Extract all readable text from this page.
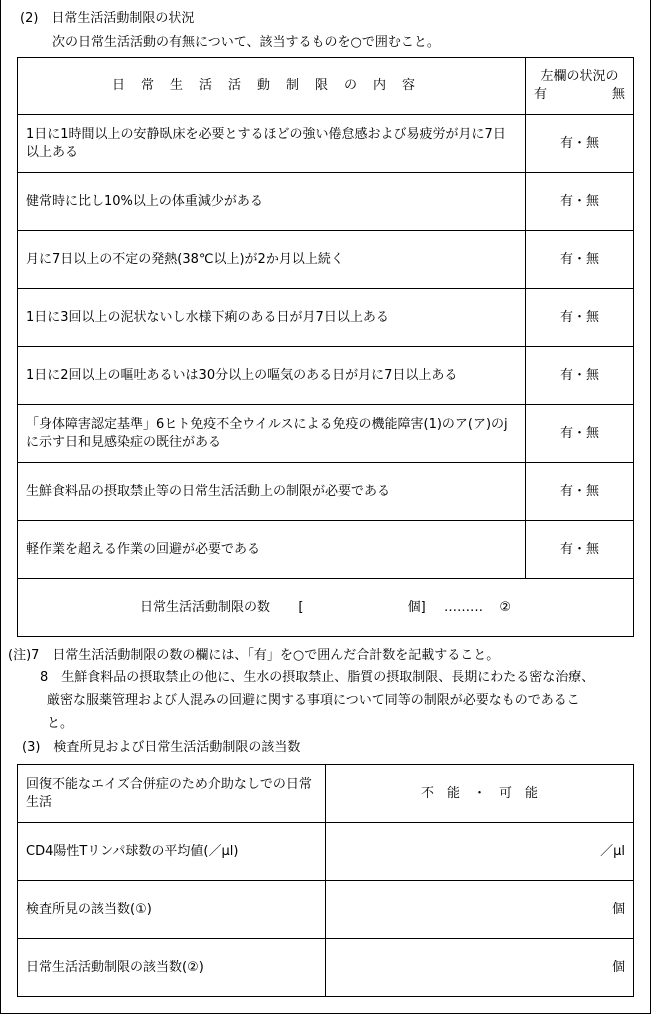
(2)　日常生活活動制限の状況
次の日常生活活動の有無について、該当するものを○で囲むこと。
日常生活活動制限の内容	左欄の状況の
有 無

1日に1時間以上の安静臥床を必要とするほどの強い倦怠感および易疲労が月に7日以上ある	有・無
健常時に比し10%以上の体重減少がある	有・無
月に7日以上の不定の発熱(38℃以上)が2か月以上続く	有・無
1日に3回以上の泥状ないし水様下痢のある日が月7日以上ある	有・無
1日に2回以上の嘔吐あるいは30分以上の嘔気のある日が月に7日以上ある	有・無
「身体障害認定基準」6ヒト免疫不全ウイルスによる免疫の機能障害(1)のア(ア)のjに示す日和見感染症の既往がある	有・無
生鮮食料品の摂取禁止等の日常生活活動上の制限が必要である	有・無
軽作業を超える作業の回避が必要である	有・無
日常生活活動制限の数 [ 個] ……… ②	
(注)7　日常生活活動制限の数の欄には、「有」を○で囲んだ合計数を記載すること。
8　生鮮食料品の摂取禁止の他に、生水の摂取禁止、脂質の摂取制限、長期にわたる密な治療、
厳密な服薬管理および人混みの回避に関する事項について同等の制限が必要なものであるこ
と。
(3)　検査所見および日常生活活動制限の該当数
回復不能なエイズ合併症のため介助なしでの日常生活	不　能　・　可　能
CD4陽性Tリンパ球数の平均値(／μl)	／μl
検査所見の該当数(①)	個
日常生活活動制限の該当数(②)	個
